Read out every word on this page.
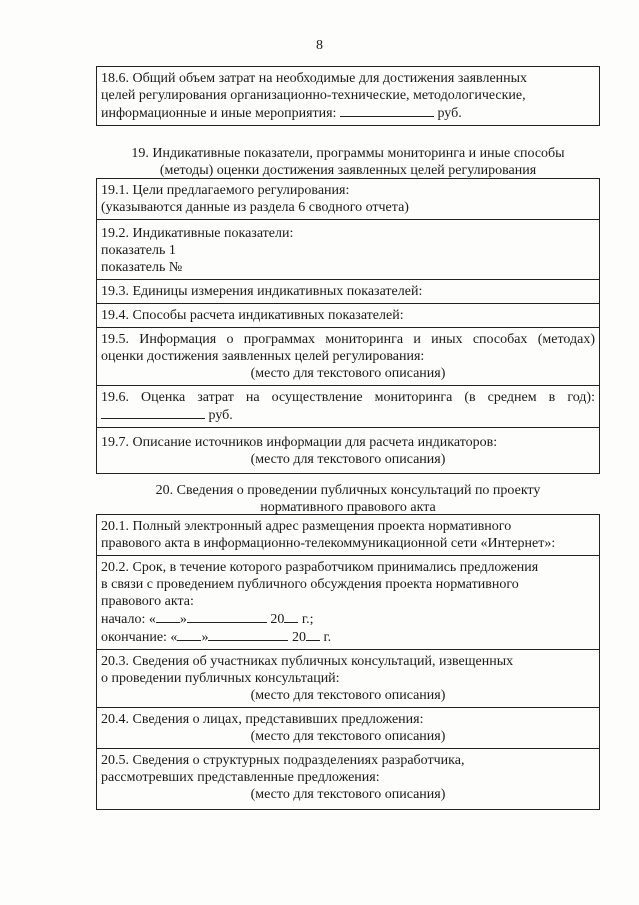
8
18.6. Общий объем затрат на необходимые для достижения заявленных
целей регулирования организационно-технические, методологические,
информационные и иные мероприятия:	руб.
19. Индикативные показатели, программы мониторинга и иные способы
(методы) оценки достижения заявленных целей регулирования
19.1. Цели предлагаемого регулирования:
(указываются данные из раздела 6 сводного отчета)

19.2. Индикативные показатели:
показатель 1
показатель №

19.3. Единицы измерения индикативных показателей:

19.4. Способы расчета индикативных показателей:

19.5. Информация о программах мониторинга и иных способах (методах)
оценки достижения заявленных целей регулирования:
(место для текстового описания)

19.6. Оценка затрат на осуществление мониторинга (в среднем в год):
руб.

19.7. Описание источников информации для расчета индикаторов:
(место для текстового описания)
20. Сведения о проведении публичных консультаций по проекту
нормативного правового акта
20.1. Полный электронный адрес размещения проекта нормативного
правового акта в информационно-телекоммуникационной сети «Интернет»:

20.2. Срок, в течение которого разработчиком принимались предложения
в связи с проведением публичного обсуждения проекта нормативного
правового акта:
начало: « »	20 г.;
окончание: « »	20 г.

20.3. Сведения об участниках публичных консультаций, извещенных
о проведении публичных консультаций:
(место для текстового описания)

20.4. Сведения о лицах, представивших предложения:
(место для текстового описания)

20.5. Сведения о структурных подразделениях разработчика,
рассмотревших представленные предложения:
(место для текстового описания)
